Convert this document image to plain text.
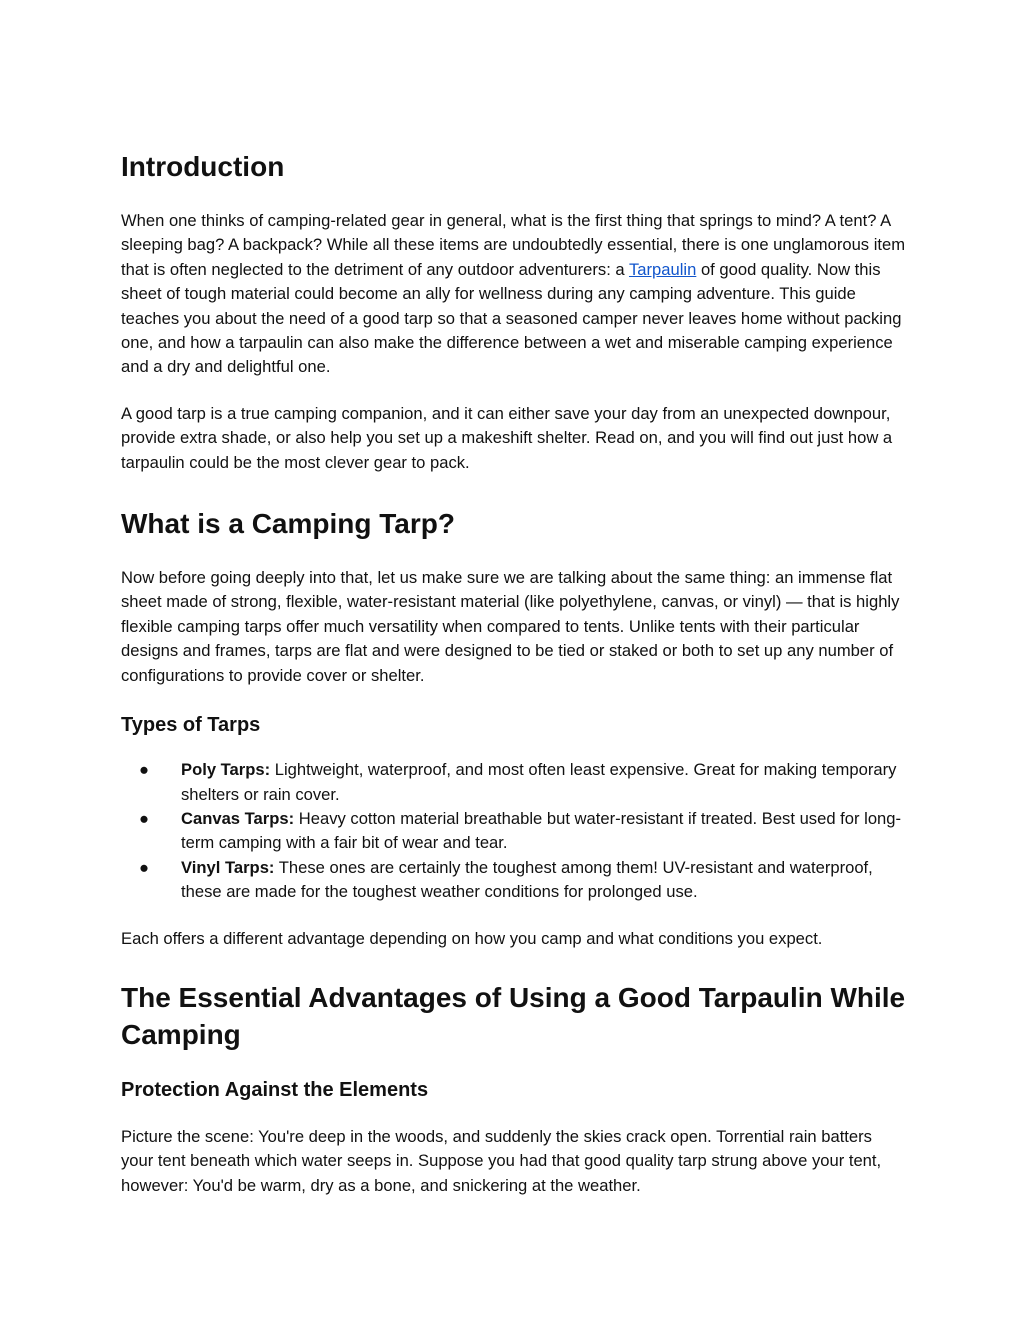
Introduction

When one thinks of camping-related gear in general, what is the first thing that springs to mind? A tent? A sleeping bag? A backpack? While all these items are undoubtedly essential, there is one unglamorous item that is often neglected to the detriment of any outdoor adventurers: a Tarpaulin of good quality. Now this sheet of tough material could become an ally for wellness during any camping adventure. This guide teaches you about the need of a good tarp so that a seasoned camper never leaves home without packing one, and how a tarpaulin can also make the difference between a wet and miserable camping experience and a dry and delightful one.

A good tarp is a true camping companion, and it can either save your day from an unexpected downpour, provide extra shade, or also help you set up a makeshift shelter. Read on, and you will find out just how a tarpaulin could be the most clever gear to pack.

What is a Camping Tarp?

Now before going deeply into that, let us make sure we are talking about the same thing: an immense flat sheet made of strong, flexible, water-resistant material (like polyethylene, canvas, or vinyl) — that is highly flexible camping tarps offer much versatility when compared to tents. Unlike tents with their particular designs and frames, tarps are flat and were designed to be tied or staked or both to set up any number of configurations to provide cover or shelter.

Types of Tarps
● Poly Tarps: Lightweight, waterproof, and most often least expensive. Great for making temporary shelters or rain cover.
● Canvas Tarps: Heavy cotton material breathable but water-resistant if treated. Best used for long-term camping with a fair bit of wear and tear.
● Vinyl Tarps: These ones are certainly the toughest among them! UV-resistant and waterproof, these are made for the toughest weather conditions for prolonged use.

Each offers a different advantage depending on how you camp and what conditions you expect.

The Essential Advantages of Using a Good Tarpaulin While Camping
Protection Against the Elements

Picture the scene: You're deep in the woods, and suddenly the skies crack open. Torrential rain batters your tent beneath which water seeps in. Suppose you had that good quality tarp strung above your tent, however: You'd be warm, dry as a bone, and snickering at the weather.
